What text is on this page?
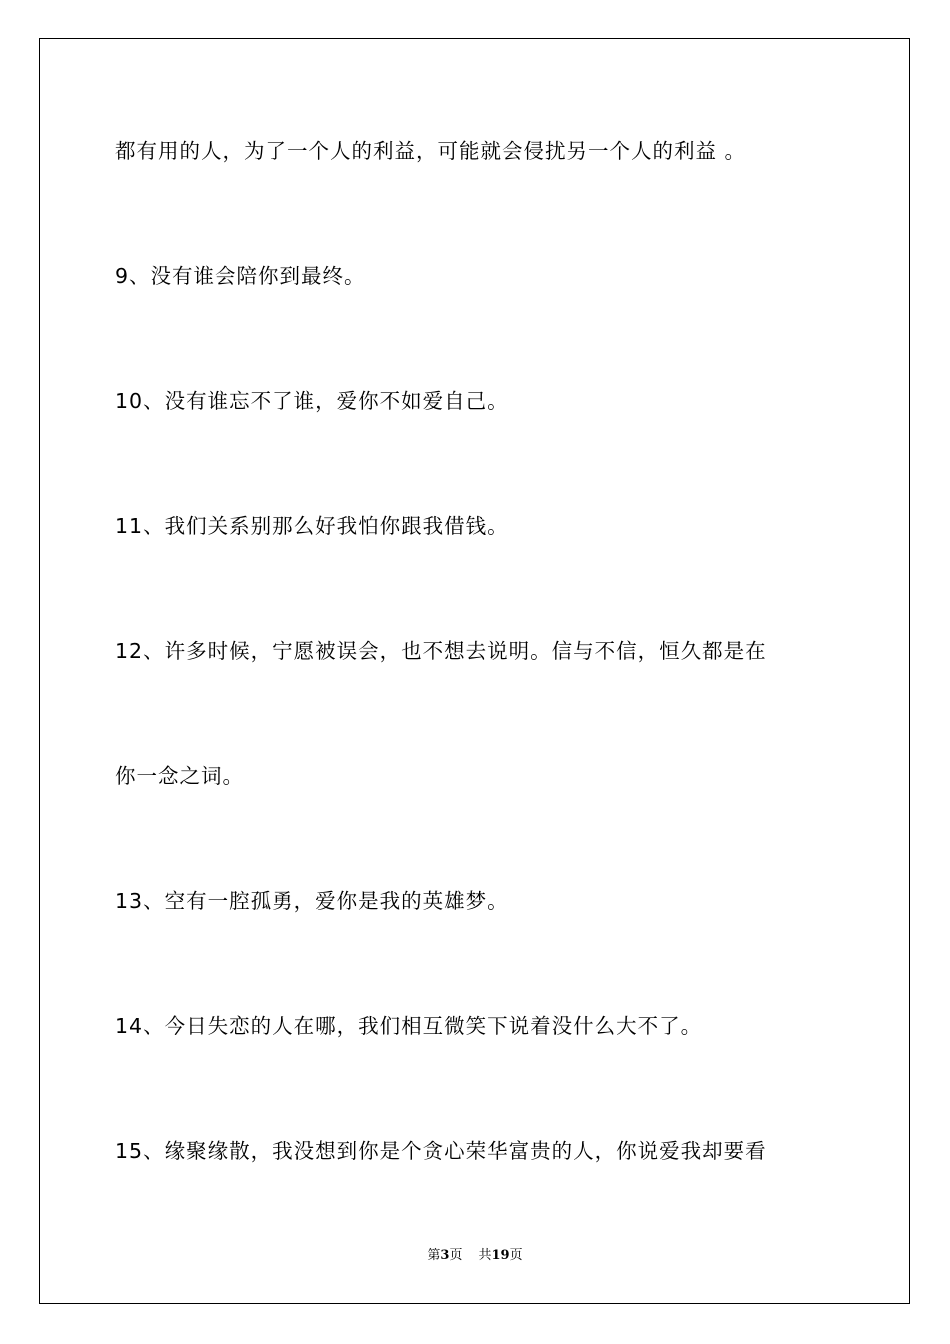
都有用的人，为了一个人的利益，可能就会侵扰另一个人的利益 。
9、没有谁会陪你到最终。
10、没有谁忘不了谁，爱你不如爱自己。
11、我们关系别那么好我怕你跟我借钱。
12、许多时候，宁愿被误会，也不想去说明。信与不信，恒久都是在
你一念之词。
13、空有一腔孤勇，爱你是我的英雄梦。
14、今日失恋的人在哪，我们相互微笑下说着没什么大不了。
15、缘聚缘散，我没想到你是个贪心荣华富贵的人，你说爱我却要看
第3页 共19页
